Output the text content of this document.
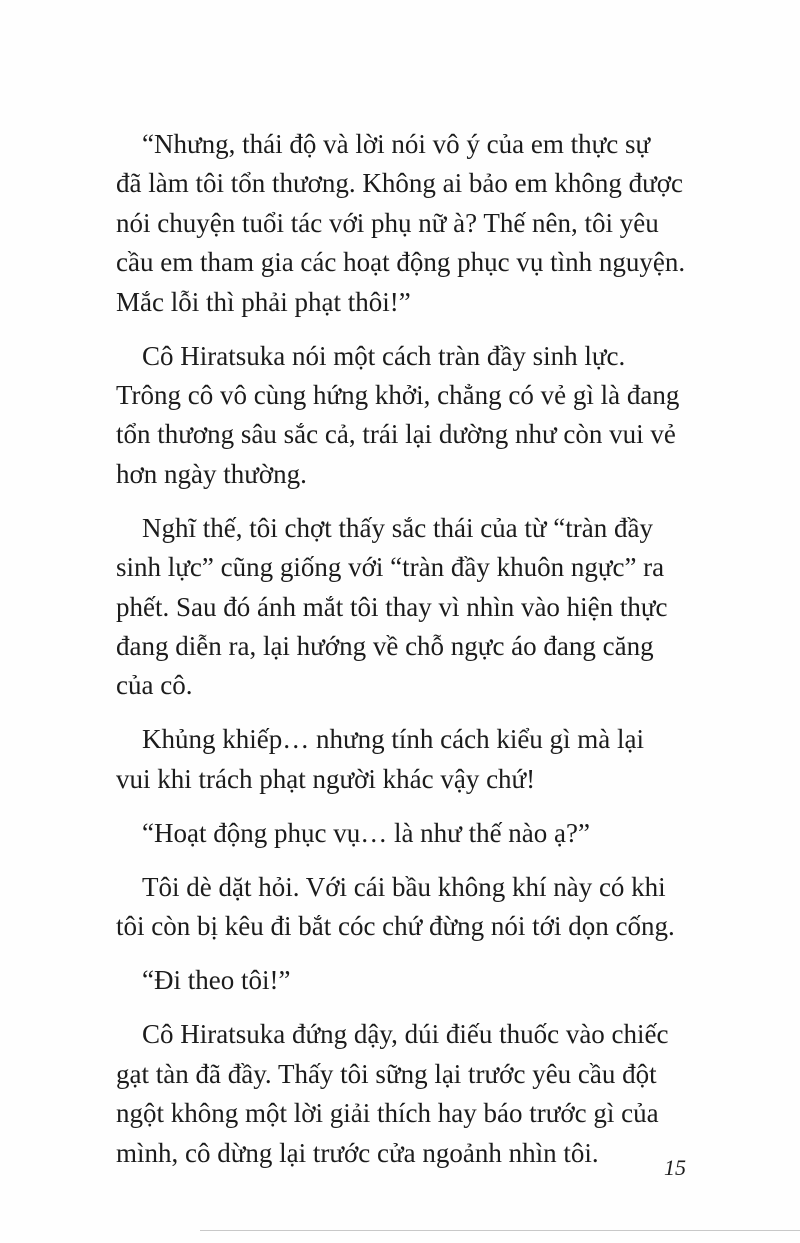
“Nhưng, thái độ và lời nói vô ý của em thực sự
đã làm tôi tổn thương. Không ai bảo em không được
nói chuyện tuổi tác với phụ nữ à? Thế nên, tôi yêu
cầu em tham gia các hoạt động phục vụ tình nguyện.
Mắc lỗi thì phải phạt thôi!”

Cô Hiratsuka nói một cách tràn đầy sinh lực.
Trông cô vô cùng hứng khởi, chẳng có vẻ gì là đang
tổn thương sâu sắc cả, trái lại dường như còn vui vẻ
hơn ngày thường.

Nghĩ thế, tôi chợt thấy sắc thái của từ “tràn đầy
sinh lực” cũng giống với “tràn đầy khuôn ngực” ra
phết. Sau đó ánh mắt tôi thay vì nhìn vào hiện thực
đang diễn ra, lại hướng về chỗ ngực áo đang căng
của cô.

Khủng khiếp… nhưng tính cách kiểu gì mà lại
vui khi trách phạt người khác vậy chứ!

“Hoạt động phục vụ… là như thế nào ạ?”

Tôi dè dặt hỏi. Với cái bầu không khí này có khi
tôi còn bị kêu đi bắt cóc chứ đừng nói tới dọn cống.

“Đi theo tôi!”

Cô Hiratsuka đứng dậy, dúi điếu thuốc vào chiếc
gạt tàn đã đầy. Thấy tôi sững lại trước yêu cầu đột
ngột không một lời giải thích hay báo trước gì của
mình, cô dừng lại trước cửa ngoảnh nhìn tôi.	15
